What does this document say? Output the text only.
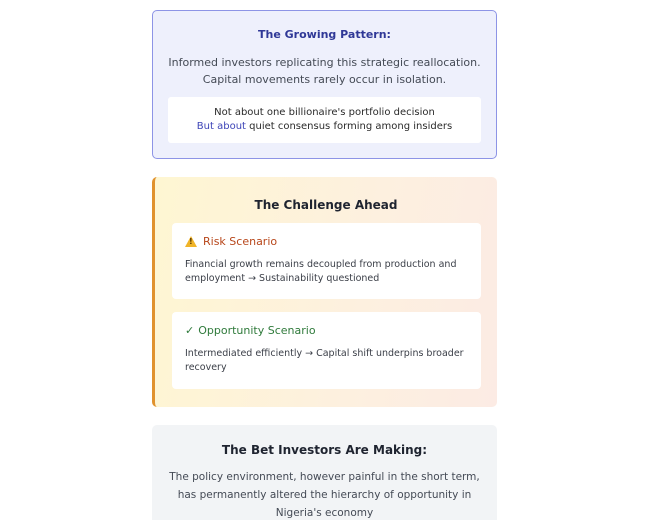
The Growing Pattern:
Informed investors replicating this strategic reallocation.
Capital movements rarely occur in isolation.
Not about one billionaire's portfolio decision
But about quiet consensus forming among insiders
The Challenge Ahead
!
Risk Scenario
Financial growth remains decoupled from production and employment → Sustainability questioned
✓ Opportunity Scenario
Intermediated efficiently → Capital shift underpins broader recovery
The Bet Investors Are Making:
The policy environment, however painful in the short term,
has permanently altered the hierarchy of opportunity in
Nigeria's economy
